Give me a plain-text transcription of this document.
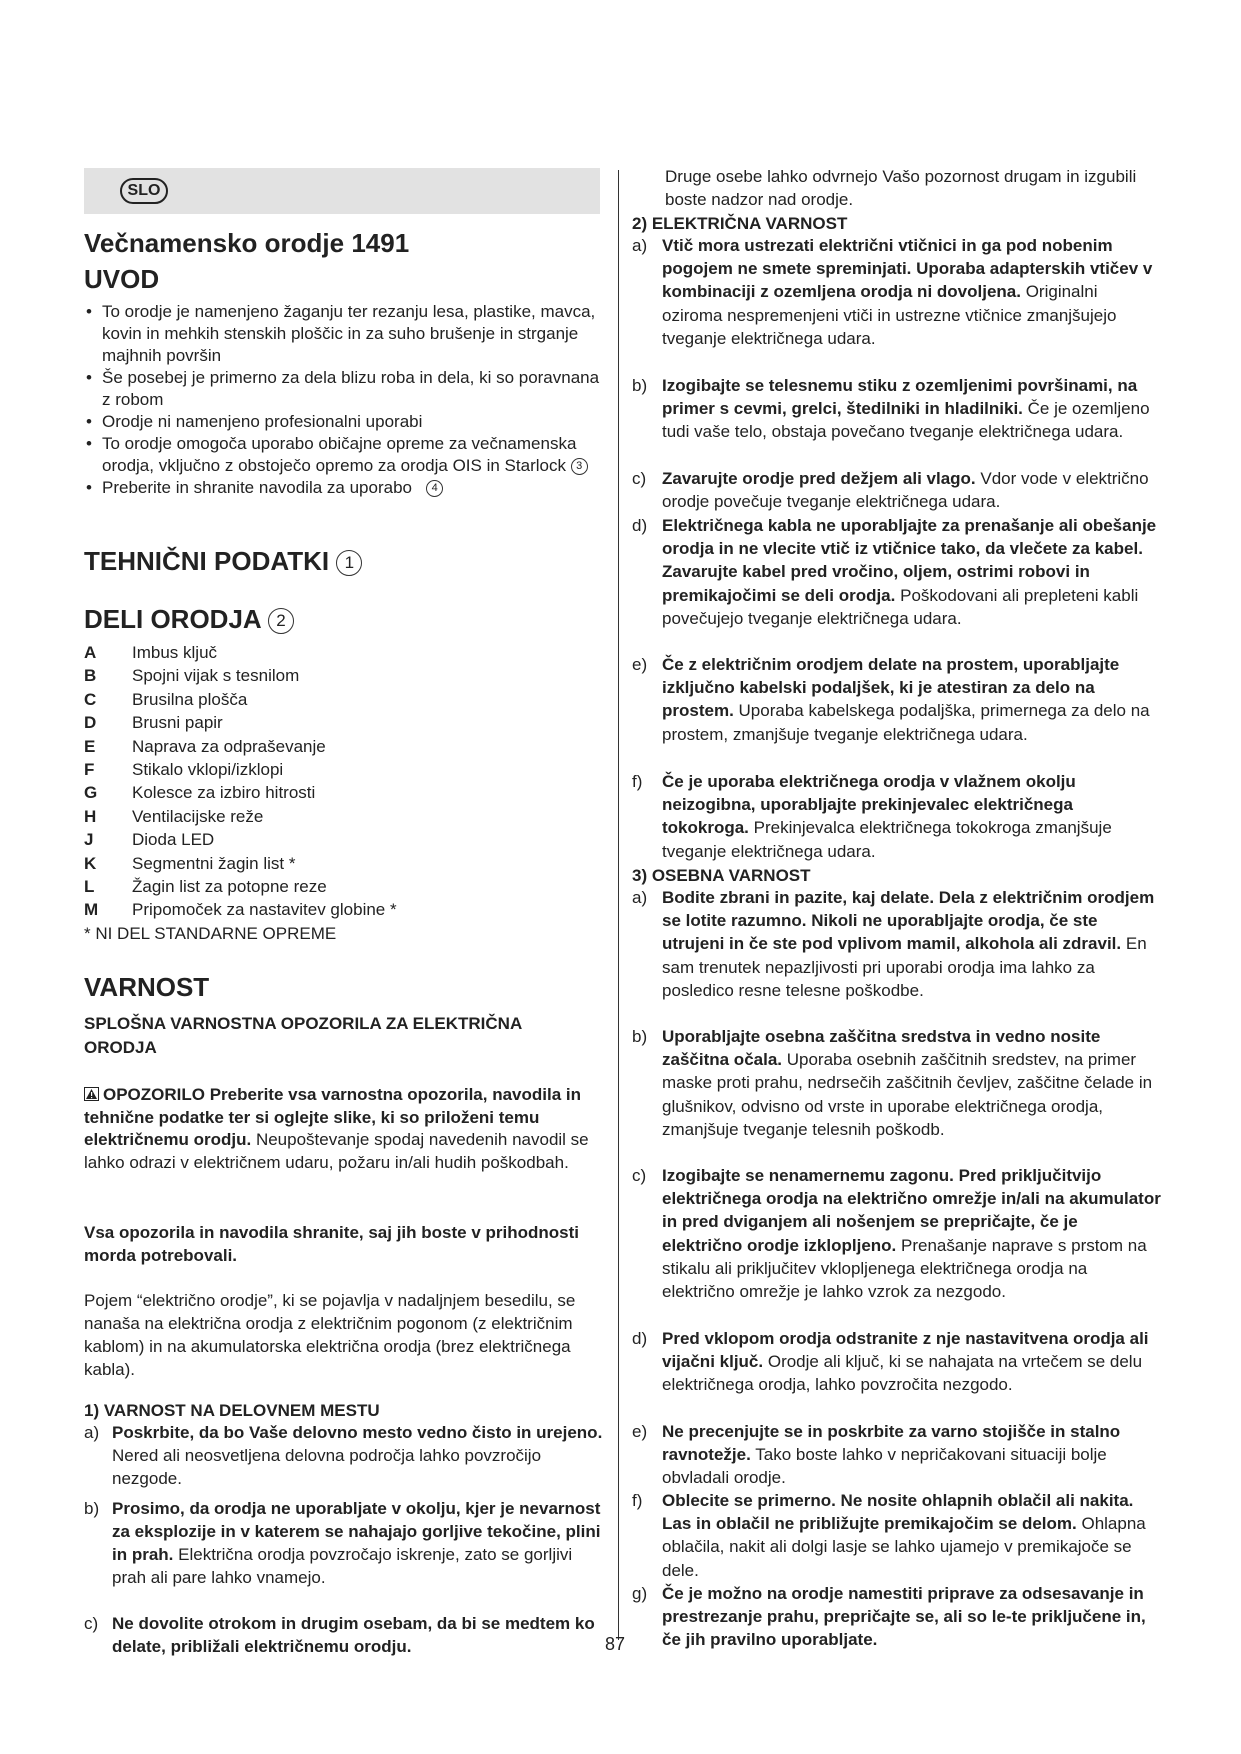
SLO
Večnamensko orodje 1491
UVOD
• To orodje je namenjeno žaganju ter rezanju lesa, plastike, mavca, kovin in mehkih stenskih ploščic in za suho brušenje in strganje majhnih površin
• Še posebej je primerno za dela blizu roba in dela, ki so poravnana z robom
• Orodje ni namenjeno profesionalni uporabi
• To orodje omogoča uporabo običajne opreme za večnamenska orodja, vključno z obstoječo opremo za orodja OIS in Starlock 3
• Preberite in shranite navodila za uporabo 4
TEHNIČNI PODATKI 1
DELI ORODJA 2
A	Imbus ključ
B	Spojni vijak s tesnilom
C	Brusilna plošča
D	Brusni papir
E	Naprava za odpraševanje
F	Stikalo vklopi/izklopi
G	Kolesce za izbiro hitrosti
H	Ventilacijske reže
J	Dioda LED
K	Segmentni žagin list *
L	Žagin list za potopne reze
M	Pripomoček za nastavitev globine *
* NI DEL STANDARNE OPREME
VARNOST
SPLOŠNA VARNOSTNA OPOZORILA ZA ELEKTRIČNA
ORODJA
OPOZORILO Preberite vsa varnostna opozorila, navodila in tehnične podatke ter si oglejte slike, ki so priloženi temu električnemu orodju. Neupoštevanje spodaj navedenih navodil se lahko odrazi v električnem udaru, požaru in/ali hudih poškodbah.
Vsa opozorila in navodila shranite, saj jih boste v prihodnosti morda potrebovali.
Pojem “električno orodje”, ki se pojavlja v nadaljnjem besedilu, se nanaša na električna orodja z električnim pogonom (z električnim kablom) in na akumulatorska električna orodja (brez električnega kabla).
1) VARNOST NA DELOVNEM MESTU
a) Poskrbite, da bo Vaše delovno mesto vedno čisto in urejeno. Nered ali neosvetljena delovna področja lahko povzročijo nezgode.
b) Prosimo, da orodja ne uporabljate v okolju, kjer je nevarnost za eksplozije in v katerem se nahajajo gorljive tekočine, plini in prah. Električna orodja povzročajo iskrenje, zato se gorljivi prah ali pare lahko vnamejo.
c) Ne dovolite otrokom in drugim osebam, da bi se medtem ko delate, približali električnemu orodju.
Druge osebe lahko odvrnejo Vašo pozornost drugam in izgubili boste nadzor nad orodje.
2) ELEKTRIČNA VARNOST
a) Vtič mora ustrezati električni vtičnici in ga pod nobenim pogojem ne smete spreminjati. Uporaba adapterskih vtičev v kombinaciji z ozemljena orodja ni dovoljena. Originalni oziroma nespremenjeni vtiči in ustrezne vtičnice zmanjšujejo tveganje električnega udara.
b) Izogibajte se telesnemu stiku z ozemljenimi površinami, na primer s cevmi, grelci, štedilniki in hladilniki. Če je ozemljeno tudi vaše telo, obstaja povečano tveganje električnega udara.
c) Zavarujte orodje pred dežjem ali vlago. Vdor vode v električno orodje povečuje tveganje električnega udara.
d) Električnega kabla ne uporabljajte za prenašanje ali obešanje orodja in ne vlecite vtič iz vtičnice tako, da vlečete za kabel. Zavarujte kabel pred vročino, oljem, ostrimi robovi in premikajočimi se deli orodja. Poškodovani ali prepleteni kabli povečujejo tveganje električnega udara.
e) Če z električnim orodjem delate na prostem, uporabljajte izključno kabelski podaljšek, ki je atestiran za delo na prostem. Uporaba kabelskega podaljška, primernega za delo na prostem, zmanjšuje tveganje električnega udara.
f) Če je uporaba električnega orodja v vlažnem okolju neizogibna, uporabljajte prekinjevalec električnega tokokroga. Prekinjevalca električnega tokokroga zmanjšuje tveganje električnega udara.
3) OSEBNA VARNOST
a) Bodite zbrani in pazite, kaj delate. Dela z električnim orodjem se lotite razumno. Nikoli ne uporabljajte orodja, če ste utrujeni in če ste pod vplivom mamil, alkohola ali zdravil. En sam trenutek nepazljivosti pri uporabi orodja ima lahko za posledico resne telesne poškodbe.
b) Uporabljajte osebna zaščitna sredstva in vedno nosite zaščitna očala. Uporaba osebnih zaščitnih sredstev, na primer maske proti prahu, nedrsečih zaščitnih čevljev, zaščitne čelade in glušnikov, odvisno od vrste in uporabe električnega orodja, zmanjšuje tveganje telesnih poškodb.
c) Izogibajte se nenamernemu zagonu. Pred priključitvijo električnega orodja na električno omrežje in/ali na akumulator in pred dviganjem ali nošenjem se prepričajte, če je električno orodje izklopljeno. Prenašanje naprave s prstom na stikalu ali priključitev vklopljenega električnega orodja na električno omrežje je lahko vzrok za nezgodo.
d) Pred vklopom orodja odstranite z nje nastavitvena orodja ali vijačni ključ. Orodje ali ključ, ki se nahajata na vrtečem se delu električnega orodja, lahko povzročita nezgodo.
e) Ne precenjujte se in poskrbite za varno stojišče in stalno ravnotežje. Tako boste lahko v nepričakovani situaciji bolje obvladali orodje.
f) Oblecite se primerno. Ne nosite ohlapnih oblačil ali nakita. Las in oblačil ne približujte premikajočim se delom. Ohlapna oblačila, nakit ali dolgi lasje se lahko ujamejo v premikajoče se dele.
g) Če je možno na orodje namestiti priprave za odsesavanje in prestrezanje prahu, prepričajte se, ali so le-te priključene in, če jih pravilno uporabljate.
87
